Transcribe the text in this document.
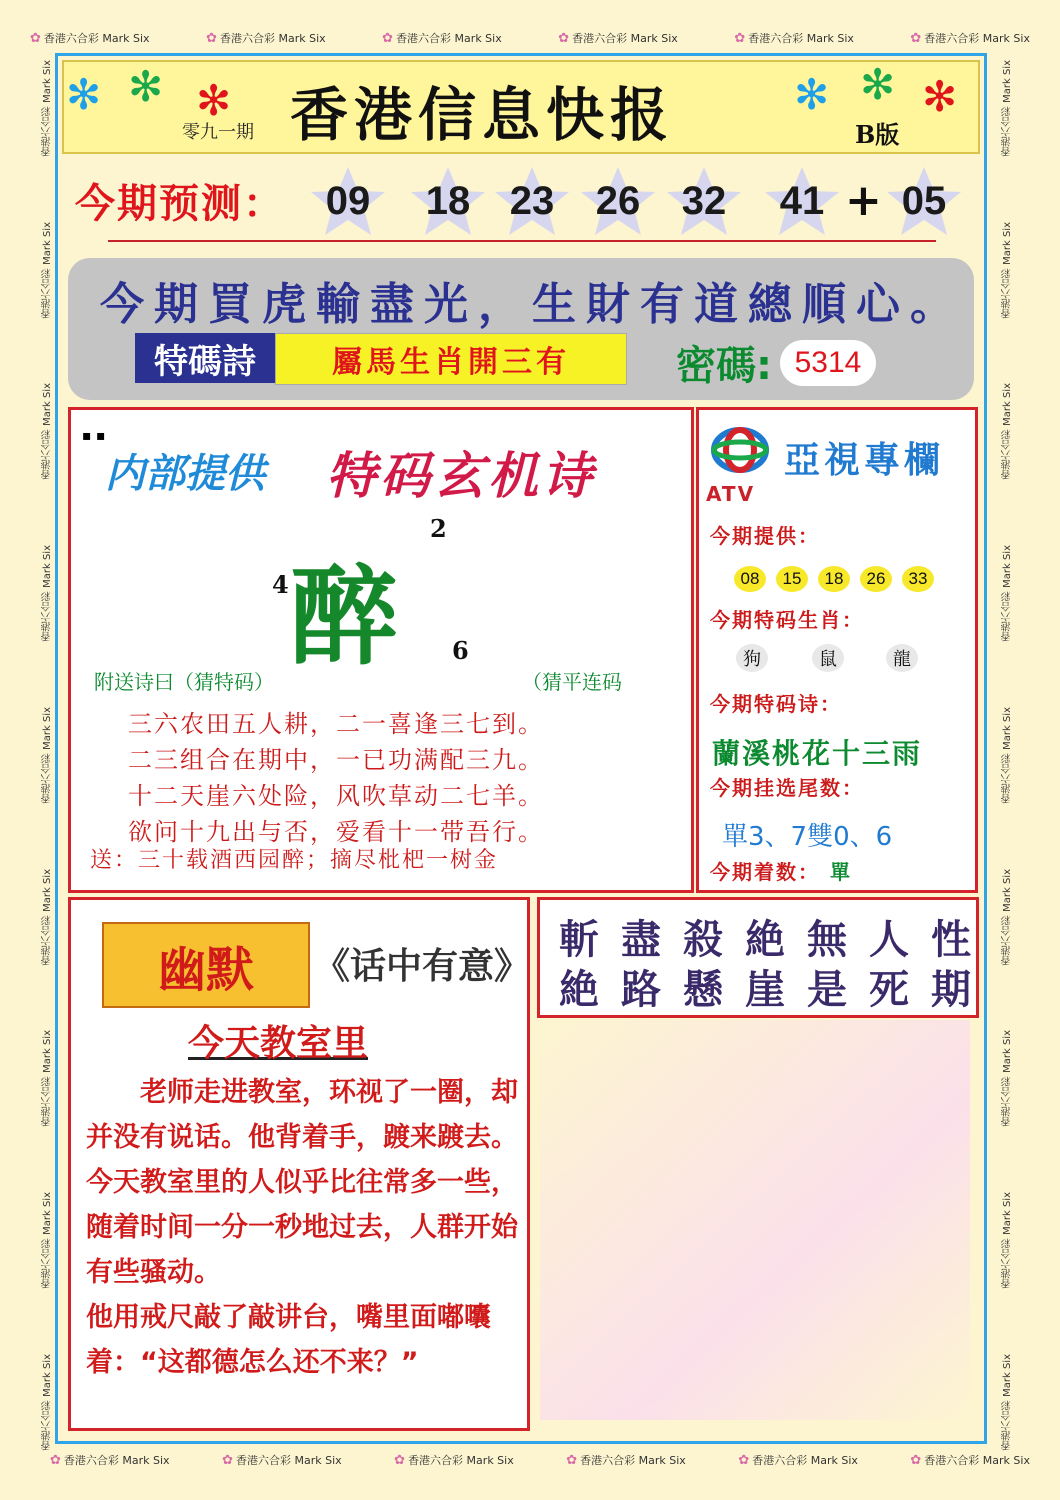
✿ 香港六合彩 Mark Six	✿ 香港六合彩 Mark Six	✿ 香港六合彩 Mark Six	✿ 香港六合彩 Mark Six	✿ 香港六合彩 Mark Six	✿ 香港六合彩 Mark Six
✿ 香港六合彩 Mark Six	✿ 香港六合彩 Mark Six	✿ 香港六合彩 Mark Six	✿ 香港六合彩 Mark Six	✿ 香港六合彩 Mark Six	✿ 香港六合彩 Mark Six
香港六合彩 Mark Six
香港六合彩 Mark Six
香港六合彩 Mark Six
香港六合彩 Mark Six
香港六合彩 Mark Six
香港六合彩 Mark Six
香港六合彩 Mark Six
香港六合彩 Mark Six
香港六合彩 Mark Six
香港六合彩 Mark Six
香港六合彩 Mark Six
香港六合彩 Mark Six
香港六合彩 Mark Six
香港六合彩 Mark Six
香港六合彩 Mark Six
香港六合彩 Mark Six
香港六合彩 Mark Six
香港六合彩 Mark Six
✻ ✻ ✻	✻ ✻ ✻
香港信息快报
零九一期	B版
今期预测： 09 18 23 26 32 41 + 05
今期買虎輸盡光，生財有道總順心。
特碼詩	屬馬生肖開三有	密碼: 5314
▪ ▪
内部提供 特码玄机诗
醉
2
4
6
附送诗曰（猜特码）	（猜平连码
三六农田五人耕，二一喜逢三七到。
二三组合在期中，一已功满配三九。
十二天崖六处险，风吹草动二七羊。
欲问十九出与否，爱看十一带吾行。
送：三十载酒西园醉；摘尽枇杷一树金
ATV
亞視專欄
今期提供：
08	15	18	26	33
今期特码生肖：
狗	鼠	龍
今期特码诗：
蘭溪桃花十三雨
今期挂选尾数：
單3、7雙0、6
今期着数： 單
幽默	《话中有意》
今天教室里

老师走进教室，环视了一圈，却并没有说话。他背着手，踱来踱去。

今天教室里的人似乎比往常多一些，随着时间一分一秒地过去，人群开始有些骚动。

他用戒尺敲了敲讲台，嘴里面嘟囔着：“这都德怎么还不来？”

斬 盡 殺 絶 無 人 性
絶 路 懸 崖 是 死 期
